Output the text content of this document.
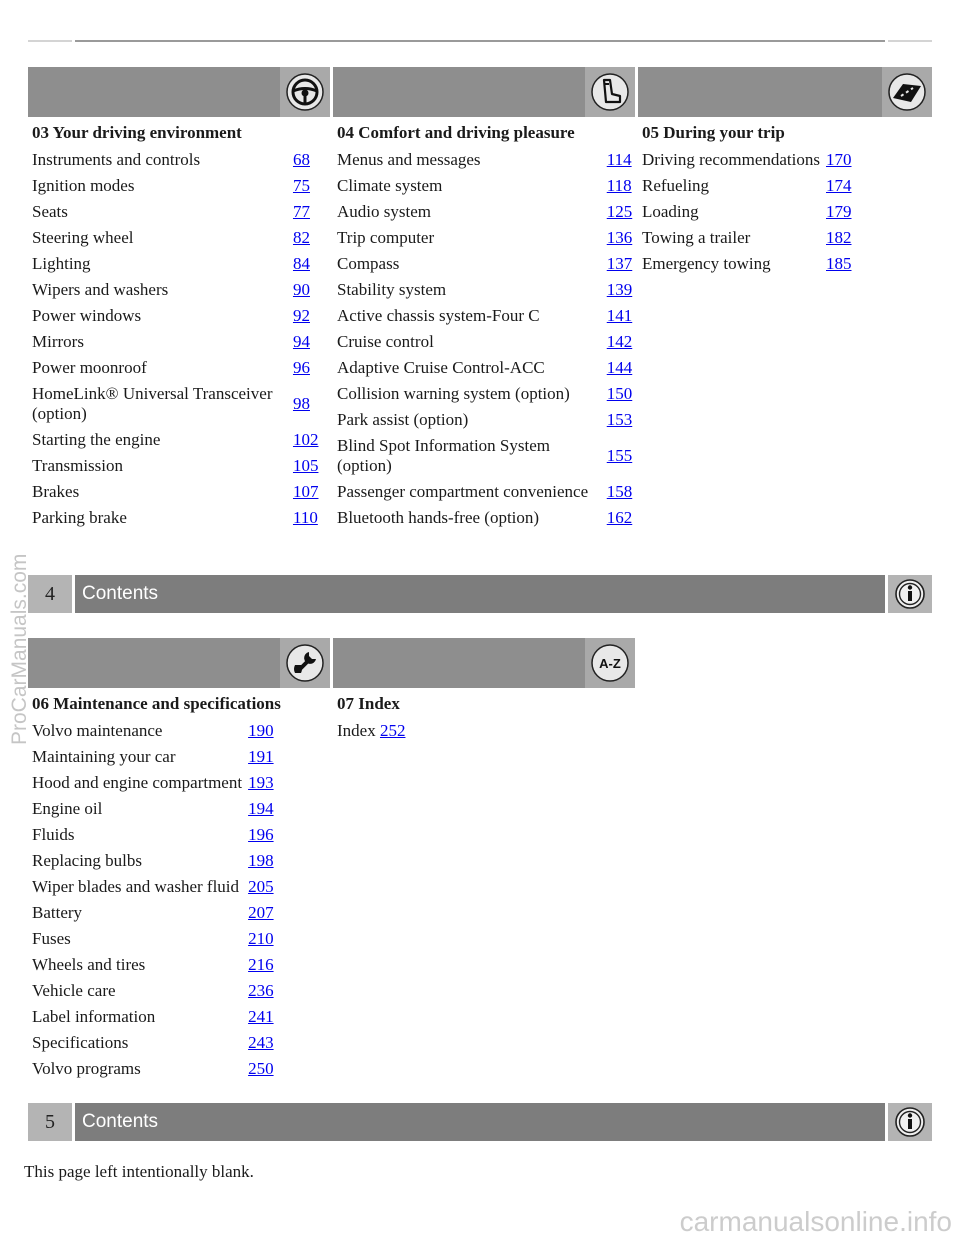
03 Your driving environment
Instruments and controls	68
Ignition modes	75
Seats	77
Steering wheel	82
Lighting	84
Wipers and washers	90
Power windows	92
Mirrors	94
Power moonroof	96
HomeLink® Universal Transceiver (option)	98
Starting the engine	102
Transmission	105
Brakes	107
Parking brake	110
04 Comfort and driving pleasure
Menus and messages	114
Climate system	118
Audio system	125
Trip computer	136
Compass	137
Stability system	139
Active chassis system-Four C	141
Cruise control	142
Adaptive Cruise Control-ACC	144
Collision warning system (option)	150
Park assist (option)	153
Blind Spot Information System (option)	155
Passenger compartment convenience	158
Bluetooth hands-free (option)	162
05 During your trip
Driving recommendations	170
Refueling	174
Loading	179
Towing a trailer	182
Emergency towing	185
4	Contents
06 Maintenance and specifications
Volvo maintenance	190
Maintaining your car	191
Hood and engine compartment	193
Engine oil	194
Fluids	196
Replacing bulbs	198
Wiper blades and washer fluid	205
Battery	207
Fuses	210
Wheels and tires	216
Vehicle care	236
Label information	241
Specifications	243
Volvo programs	250
A-Z
07 Index
Index 252
5	Contents
This page left intentionally blank.
ProCarManuals.com
carmanualsonline.info
